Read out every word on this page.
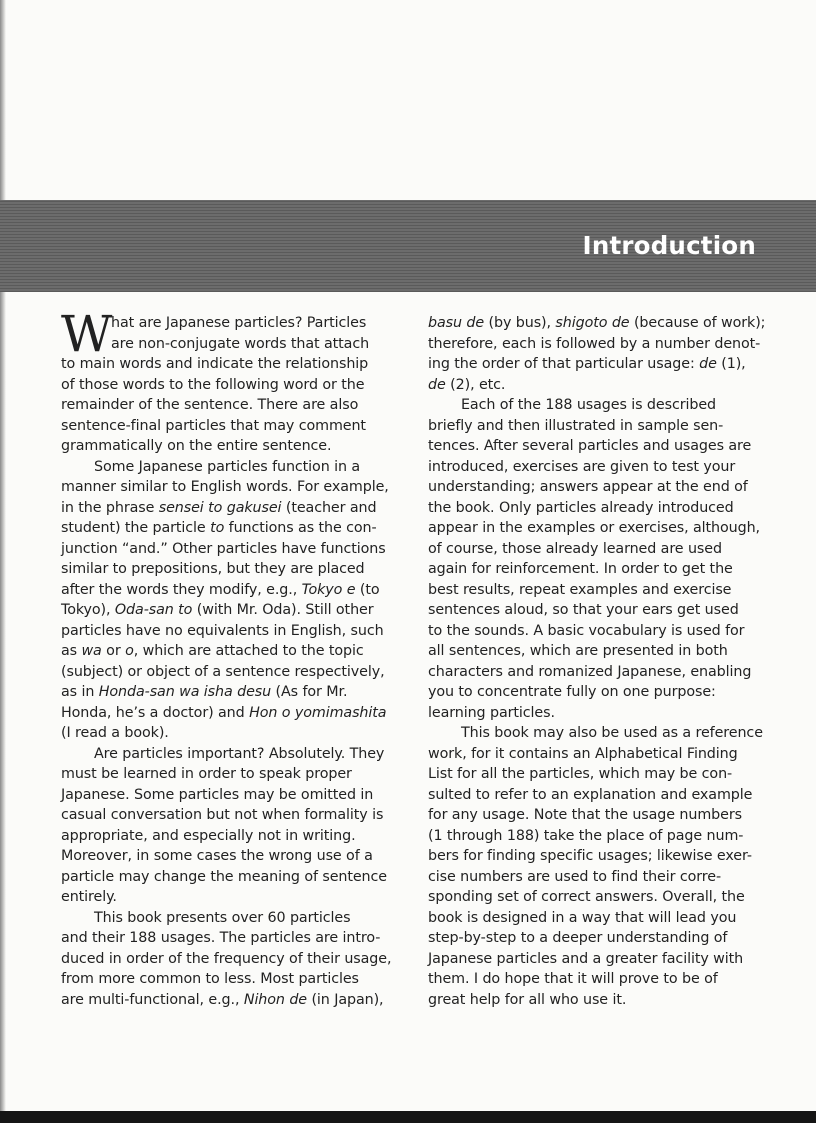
Introduction
W
hat are Japanese particles? Particles
are non-conjugate words that attach
to main words and indicate the relationship
of those words to the following word or the
remainder of the sentence. There are also
sentence-final particles that may comment
grammatically on the entire sentence.
Some Japanese particles function in a
manner similar to English words. For example,
in the phrase sensei to gakusei (teacher and
student) the particle to functions as the con-
junction “and.” Other particles have functions
similar to prepositions, but they are placed
after the words they modify, e.g., Tokyo e (to
Tokyo), Oda-san to (with Mr. Oda). Still other
particles have no equivalents in English, such
as wa or o, which are attached to the topic
(subject) or object of a sentence respectively,
as in Honda-san wa isha desu (As for Mr.
Honda, he’s a doctor) and Hon o yomimashita
(I read a book).
Are particles important? Absolutely. They
must be learned in order to speak proper
Japanese. Some particles may be omitted in
casual conversation but not when formality is
appropriate, and especially not in writing.
Moreover, in some cases the wrong use of a
particle may change the meaning of sentence
entirely.
This book presents over 60 particles
and their 188 usages. The particles are intro-
duced in order of the frequency of their usage,
from more common to less. Most particles
are multi-functional, e.g., Nihon de (in Japan),
basu de (by bus), shigoto de (because of work);
therefore, each is followed by a number denot-
ing the order of that particular usage: de (1),
de (2), etc.
Each of the 188 usages is described
briefly and then illustrated in sample sen-
tences. After several particles and usages are
introduced, exercises are given to test your
understanding; answers appear at the end of
the book. Only particles already introduced
appear in the examples or exercises, although,
of course, those already learned are used
again for reinforcement. In order to get the
best results, repeat examples and exercise
sentences aloud, so that your ears get used
to the sounds. A basic vocabulary is used for
all sentences, which are presented in both
characters and romanized Japanese, enabling
you to concentrate fully on one purpose:
learning particles.
This book may also be used as a reference
work, for it contains an Alphabetical Finding
List for all the particles, which may be con-
sulted to refer to an explanation and example
for any usage. Note that the usage numbers
(1 through 188) take the place of page num-
bers for finding specific usages; likewise exer-
cise numbers are used to find their corre-
sponding set of correct answers. Overall, the
book is designed in a way that will lead you
step-by-step to a deeper understanding of
Japanese particles and a greater facility with
them. I do hope that it will prove to be of
great help for all who use it.
